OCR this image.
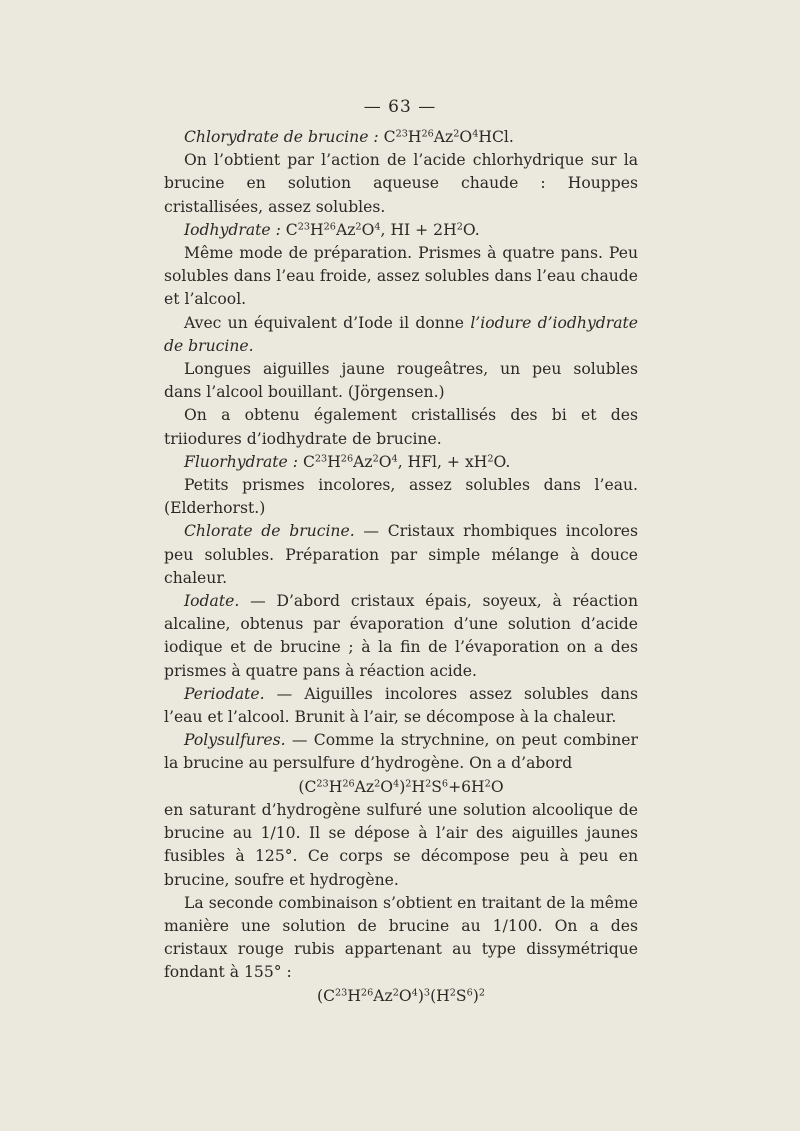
— 63 —

Chlorydrate de brucine : $C^{23}H^{26}Az^2O^4HCl$.

On l’obtient par l’action de l’acide chlorhydrique sur la brucine en solution aqueuse chaude : Houppes cristallisées, assez solubles.

Iodhydrate : $C^{23}H^{26}Az^2O^4$, HI + $2H^2O$.

Même mode de préparation. Prismes à quatre pans. Peu solubles dans l’eau froide, assez solubles dans l’eau chaude et l’alcool.

Avec un équivalent d’Iode il donne l’iodure d’iodhydrate de brucine.

Longues aiguilles jaune rougeâtres, un peu solubles dans l’alcool bouillant. (Jörgensen.)

On a obtenu également cristallisés des bi et des triiodures d’iodhydrate de brucine.

Fluorhydrate : $C^{23}H^{26}Az^2O^4$, HFl, + $xH^2O$.

Petits prismes incolores, assez solubles dans l’eau. (Elderhorst.)

Chlorate de brucine. — Cristaux rhombiques incolores peu solubles. Préparation par simple mélange à douce chaleur.

Iodate. — D’abord cristaux épais, soyeux, à réaction alcaline, obtenus par évaporation d’une solution d’acide iodique et de brucine ; à la fin de l’évaporation on a des prismes à quatre pans à réaction acide.

Periodate. — Aiguilles incolores assez solubles dans l’eau et l’alcool. Brunit à l’air, se décompose à la chaleur.

Polysulfures. — Comme la strychnine, on peut combiner la brucine au persulfure d’hydrogène. On a d’abord

$(C^{23}H^{26}Az^2O^4)^2H^2S^6+6H^2O$

en saturant d’hydrogène sulfuré une solution alcoolique de brucine au 1/10. Il se dépose à l’air des aiguilles jaunes fusibles à 125°. Ce corps se décompose peu à peu en brucine, soufre et hydrogène.

La seconde combinaison s’obtient en traitant de la même manière une solution de brucine au 1/100. On a des cristaux rouge rubis appartenant au type dissymétrique fondant à 155° :

$(C^{23}H^{26}Az^2O^4)^3(H^2S^6)^2$
